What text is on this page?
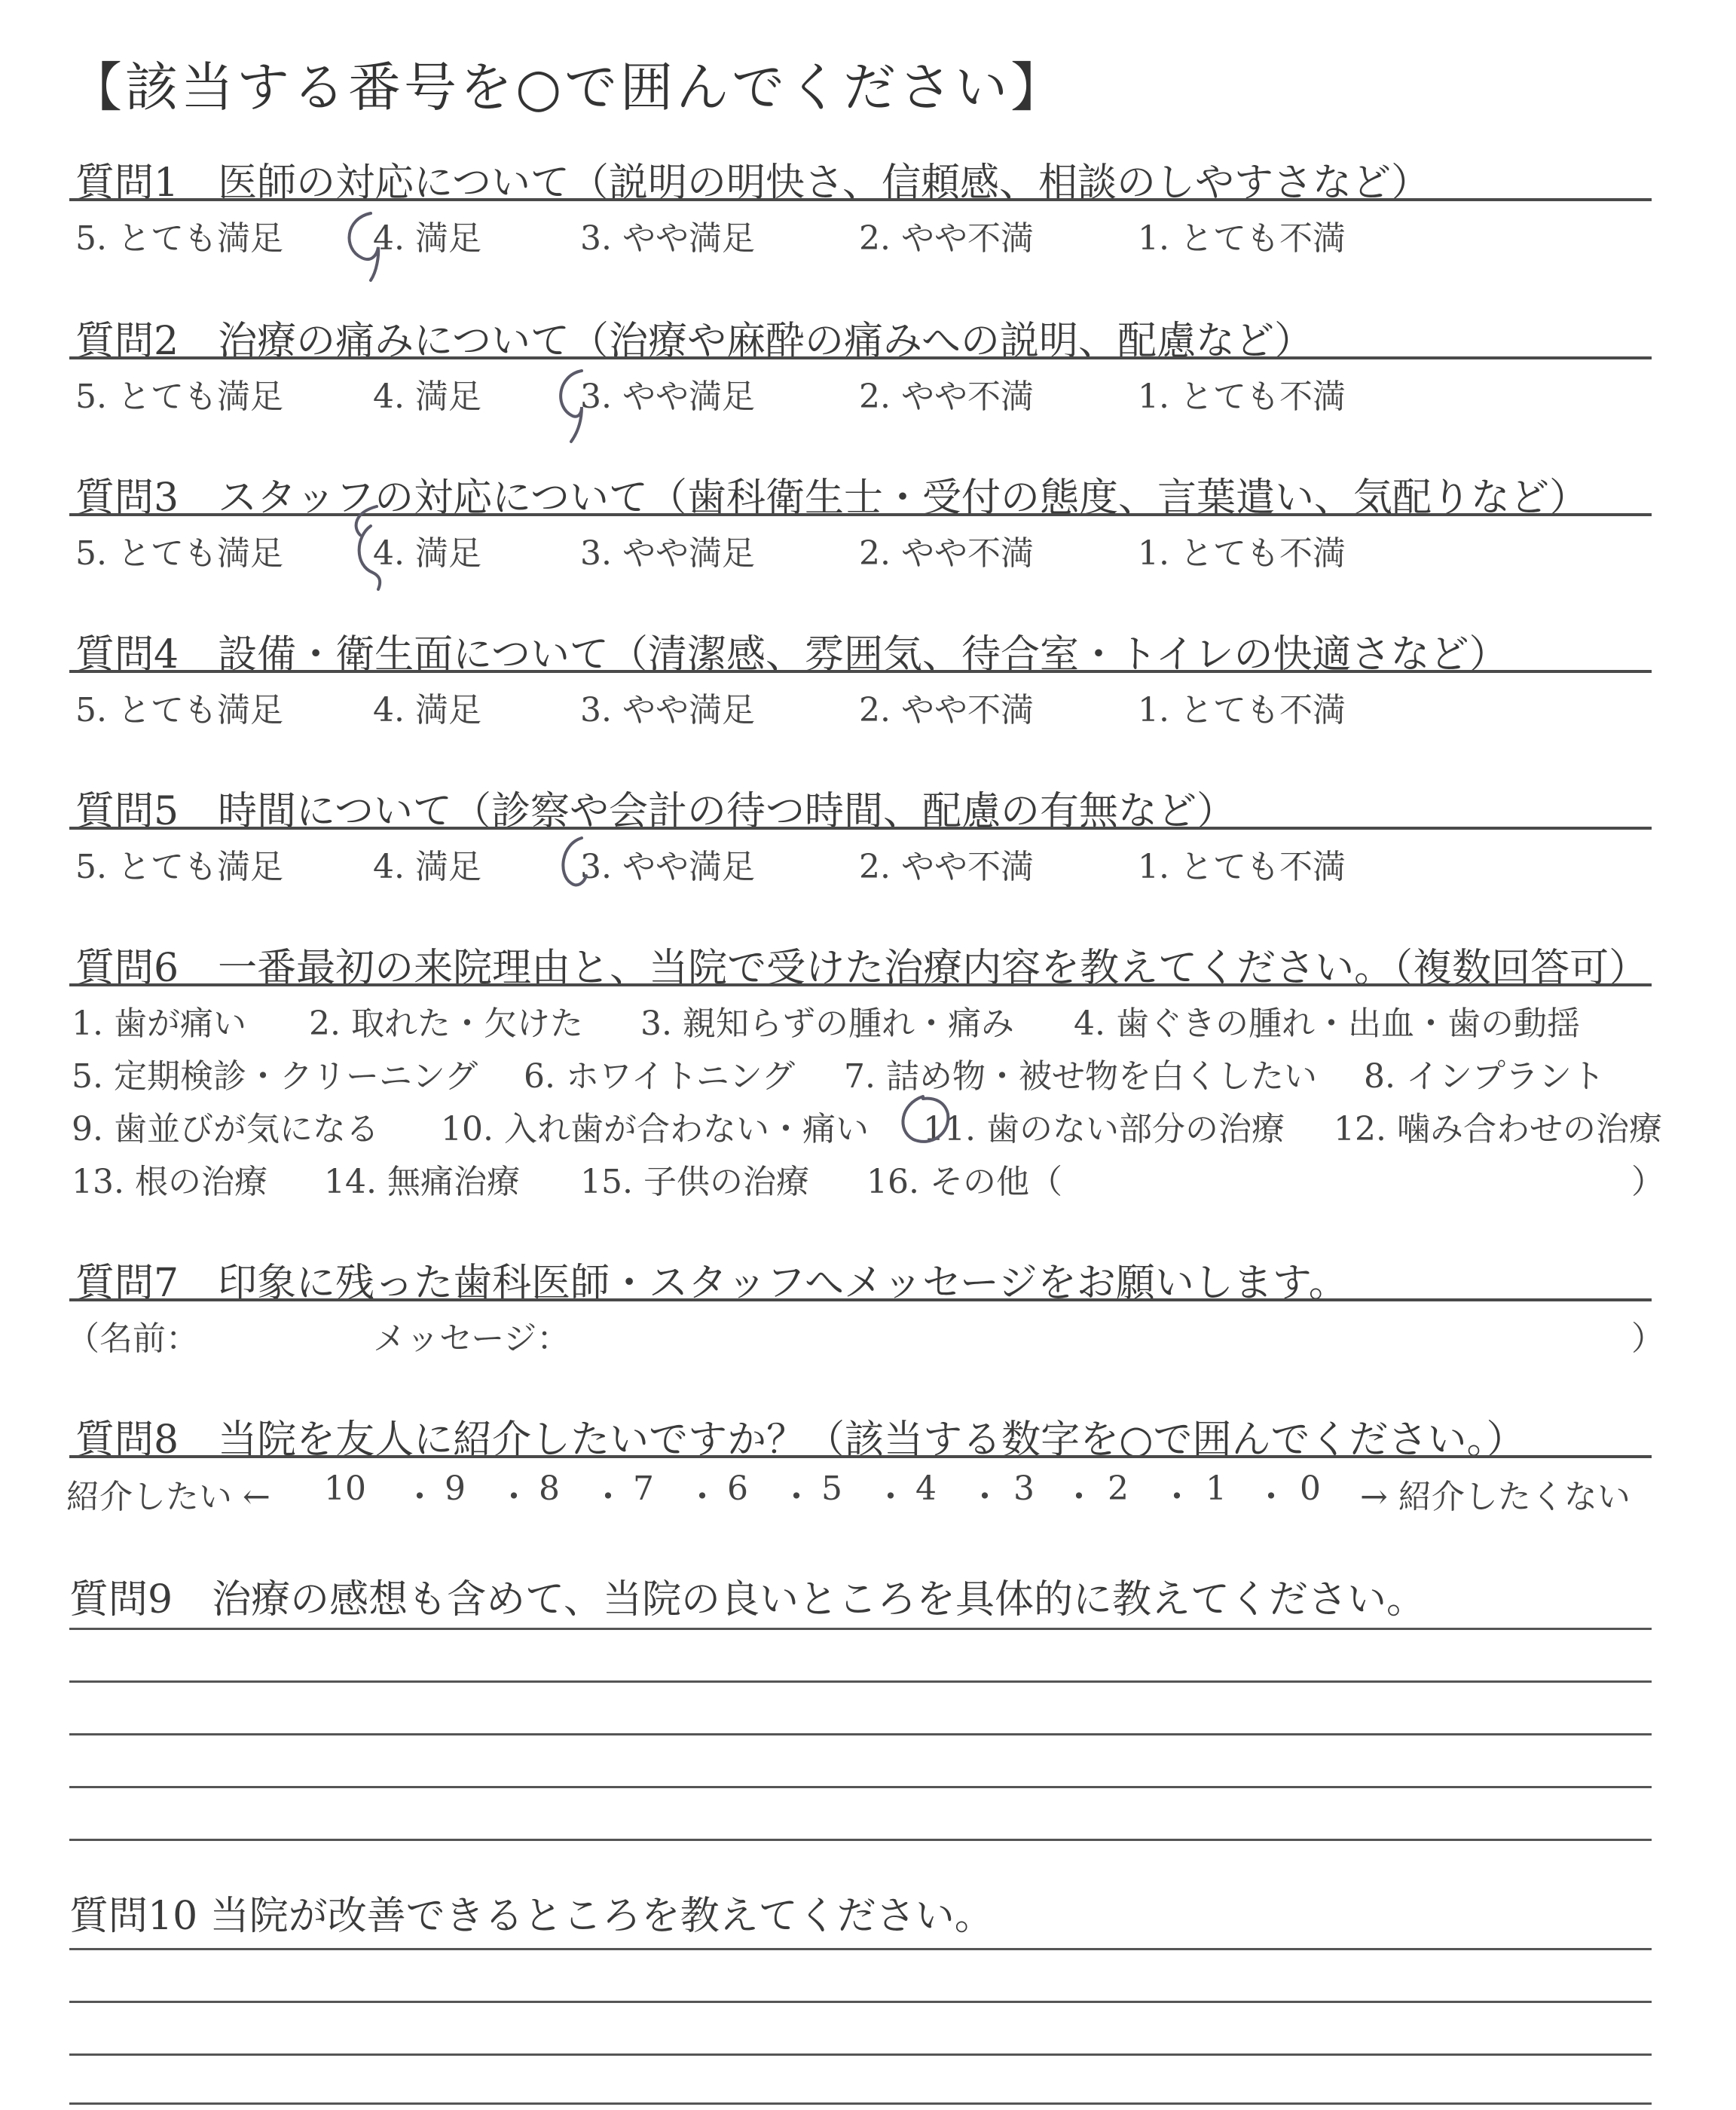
【該当する番号を○で囲んでください】
質問1　医師の対応について（説明の明快さ、信頼感、相談のしやすさなど）
5. とても満足	4. 満足	3. やや満足	2. やや不満	1. とても不満
質問2　治療の痛みについて（治療や麻酔の痛みへの説明、配慮など）
5. とても満足	4. 満足	3. やや満足	2. やや不満	1. とても不満
質問3　スタッフの対応について（歯科衛生士・受付の態度、言葉遣い、気配りなど）
5. とても満足	4. 満足	3. やや満足	2. やや不満	1. とても不満
質問4　設備・衛生面について（清潔感、雰囲気、待合室・トイレの快適さなど）
5. とても満足	4. 満足	3. やや満足	2. やや不満	1. とても不満
質問5　時間について（診察や会計の待つ時間、配慮の有無など）
5. とても満足	4. 満足	3. やや満足	2. やや不満	1. とても不満
質問6　一番最初の来院理由と、当院で受けた治療内容を教えてください。（複数回答可）
1. 歯が痛い 2. 取れた・欠けた 3. 親知らずの腫れ・痛み 4. 歯ぐきの腫れ・出血・歯の動揺
5. 定期検診・クリーニング 6. ホワイトニング 7. 詰め物・被せ物を白くしたい 8. インプラント
9. 歯並びが気になる 10. 入れ歯が合わない・痛い 11. 歯のない部分の治療 12. 噛み合わせの治療
13. 根の治療 14. 無痛治療 15. 子供の治療 16. その他（	）
質問7　印象に残った歯科医師・スタッフへメッセージをお願いします。
（名前：	メッセージ：	）
質問8　当院を友人に紹介したいですか？（該当する数字を○で囲んでください。）
紹介したい ← 10 ・ 9 ・ 8 ・ 7 ・ 6 ・ 5 ・ 4 ・ 3 ・ 2 ・ 1 ・ 0 → 紹介したくない
質問9　治療の感想も含めて、当院の良いところを具体的に教えてください。
質問10 当院が改善できるところを教えてください。
